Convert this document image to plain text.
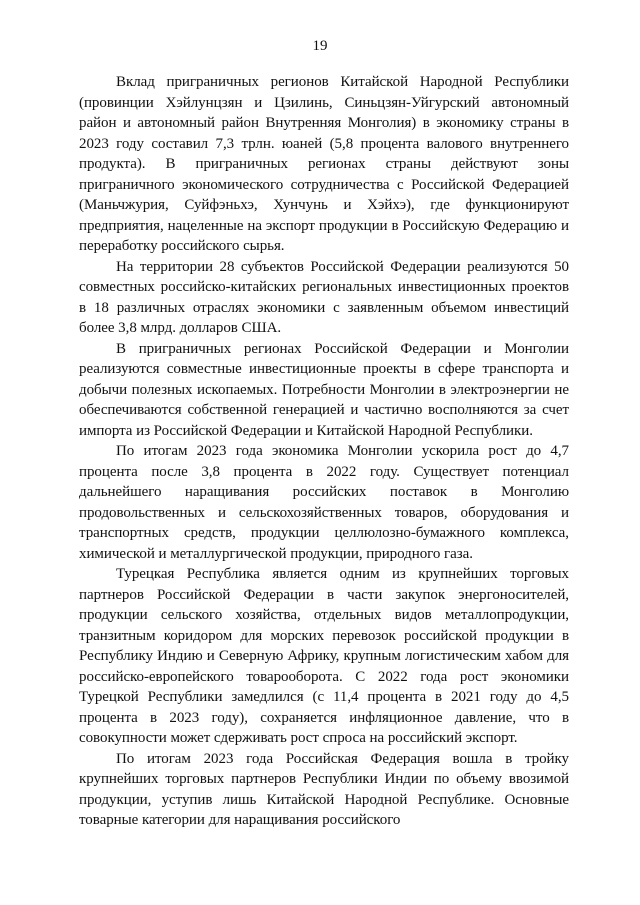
19

Вклад приграничных регионов Китайской Народной Республики (провинции Хэйлунцзян и Цзилинь, Синьцзян-Уйгурский автономный район и автономный район Внутренняя Монголия) в экономику страны в 2023 году составил 7,3 трлн. юаней (5,8 процента валового внутреннего продукта). В приграничных регионах страны действуют зоны приграничного экономического сотрудничества с Российской Федерацией (Маньчжурия, Суйфэньхэ, Хунчунь и Хэйхэ), где функционируют предприятия, нацеленные на экспорт продукции в Российскую Федерацию и переработку российского сырья.

На территории 28 субъектов Российской Федерации реализуются 50 совместных российско-китайских региональных инвестиционных проектов в 18 различных отраслях экономики с заявленным объемом инвестиций более 3,8 млрд. долларов США.

В приграничных регионах Российской Федерации и Монголии реализуются совместные инвестиционные проекты в сфере транспорта и добычи полезных ископаемых. Потребности Монголии в электроэнергии не обеспечиваются собственной генерацией и частично восполняются за счет импорта из Российской Федерации и Китайской Народной Республики.

По итогам 2023 года экономика Монголии ускорила рост до 4,7 процента после 3,8 процента в 2022 году. Существует потенциал дальнейшего наращивания российских поставок в Монголию продовольственных и сельскохозяйственных товаров, оборудования и транспортных средств, продукции целлюлозно-бумажного комплекса, химической и металлургической продукции, природного газа.

Турецкая Республика является одним из крупнейших торговых партнеров Российской Федерации в части закупок энергоносителей, продукции сельского хозяйства, отдельных видов металлопродукции, транзитным коридором для морских перевозок российской продукции в Республику Индию и Северную Африку, крупным логистическим хабом для российско-европейского товарооборота. С 2022 года рост экономики Турецкой Республики замедлился (с 11,4 процента в 2021 году до 4,5 процента в 2023 году), сохраняется инфляционное давление, что в совокупности может сдерживать рост спроса на российский экспорт.

По итогам 2023 года Российская Федерация вошла в тройку крупнейших торговых партнеров Республики Индии по объему ввозимой продукции, уступив лишь Китайской Народной Республике. Основные товарные категории для наращивания российского
